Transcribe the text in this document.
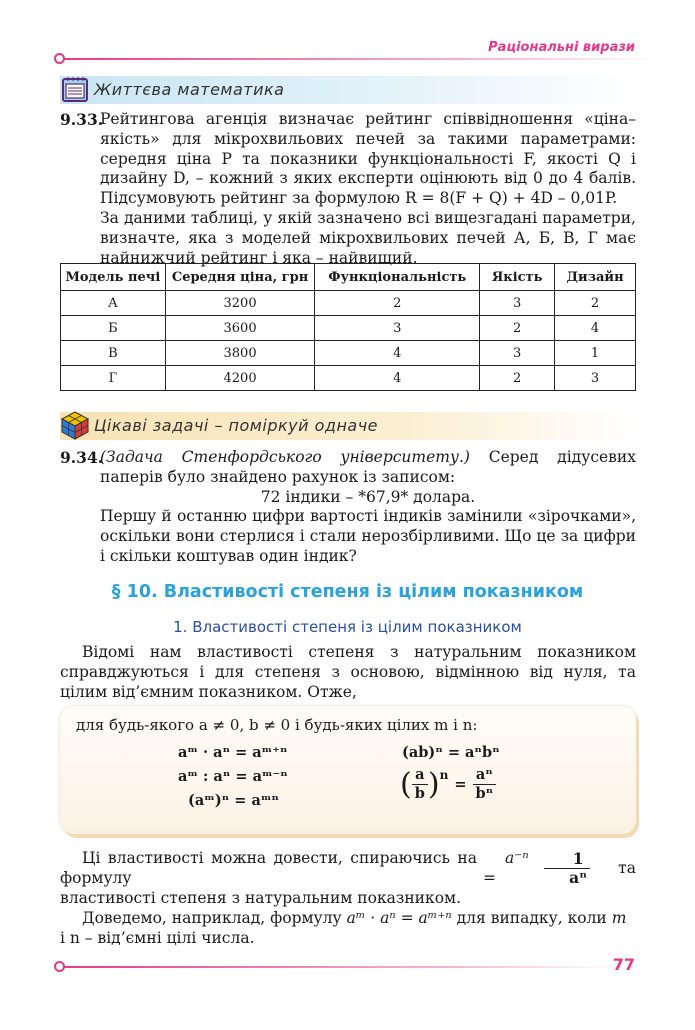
Раціональні вирази
Життєва математика
9.33.

Рейтингова агенція визначає рейтинг співвідношення «ціна–якість» для мікрохвильових печей за такими параметрами: середня ціна P та показники функціональності F, якості Q і дизайну D, – кожний з яких експерти оцінюють від 0 до 4 балів. Підсумовують рейтинг за формулою R = 8(F + Q) + 4D – 0,01P.

За даними таблиці, у якій зазначено всі вищезгадані параметри, визначте, яка з моделей мікрохвильових печей А, Б, В, Г має найнижчий рейтинг і яка – найвищий.

Модель печі	Середня ціна, грн	Функціональність	Якість	Дизайн
А	3200	2	3	2
Б	3600	3	2	4
В	3800	4	3	1
Г	4200	4	2	3
Цікаві задачі – поміркуй одначе
9.34.

(Задача Стенфордського університету.) Серед дідусевих паперів було знайдено рахунок із записом:

72 індики – *67,9* долара.

Першу й останню цифри вартості індиків замінили «зірочками», оскільки вони стерлися і стали нерозбірливими. Що це за цифри і скільки коштував один індик?

§ 10. Властивості степеня із цілим показником
1. Властивості степеня із цілим показником
Відомі нам властивості степеня з натуральним показником справджуються і для степеня з основою, відмінною від нуля, та цілим від’ємним показником. Отже,
для будь-якого a ≠ 0, b ≠ 0 і будь-яких цілих m і n:
aᵐ · aⁿ = aᵐ⁺ⁿ
aᵐ : aⁿ = aᵐ⁻ⁿ
(aᵐ)ⁿ = aᵐⁿ
(ab)ⁿ = aⁿbⁿ
( $\frac{a}{b} )^n$
= $\frac{\text{aⁿ}}{\text{bⁿ}}$
Ці властивості можна довести, спираючись на формулу
a⁻ⁿ =	$\frac{1}{\text{aⁿ}}$	та
властивості степеня з натуральним показником.
Доведемо, наприклад, формулу aᵐ · aⁿ = aᵐ⁺ⁿ для випадку, коли m
і n – від’ємні цілі числа.
77
